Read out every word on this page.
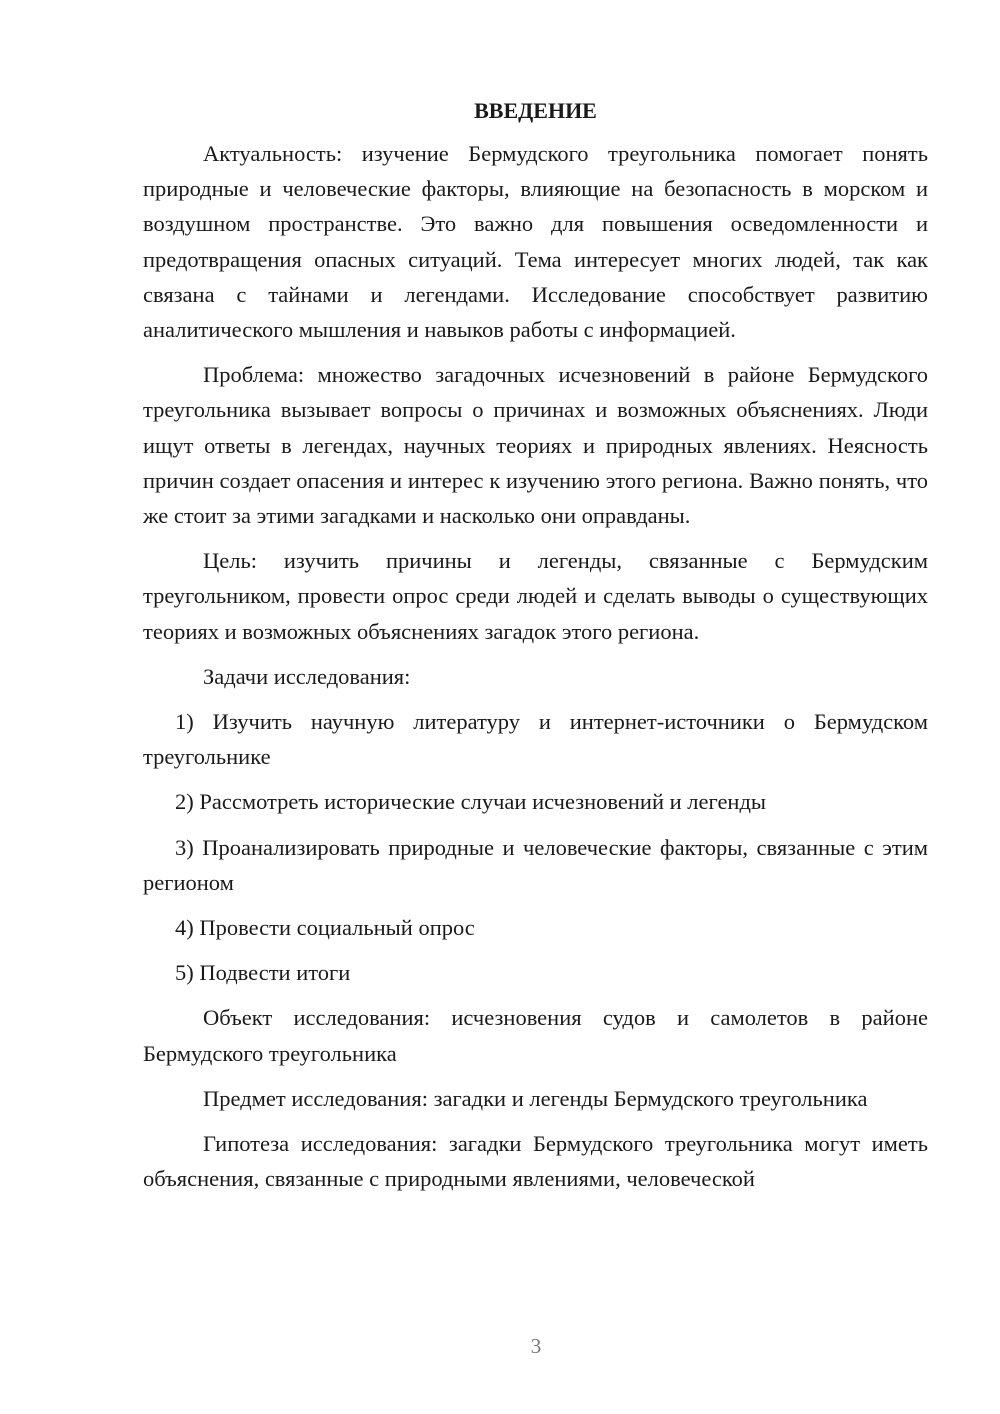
ВВЕДЕНИЕ

Актуальность: изучение Бермудского треугольника помогает понять природные и человеческие факторы, влияющие на безопасность в морском и воздушном пространстве. Это важно для повышения осведомленности и предотвращения опасных ситуаций. Тема интересует многих людей, так как связана с тайнами и легендами. Исследование способствует развитию аналитического мышления и навыков работы с информацией.

Проблема: множество загадочных исчезновений в районе Бермудского треугольника вызывает вопросы о причинах и возможных объяснениях. Люди ищут ответы в легендах, научных теориях и природных явлениях. Неясность причин создает опасения и интерес к изучению этого региона. Важно понять, что же стоит за этими загадками и насколько они оправданы.

Цель: изучить причины и легенды, связанные с Бермудским треугольником, провести опрос среди людей и сделать выводы о существующих теориях и возможных объяснениях загадок этого региона.

Задачи исследования:

1) Изучить научную литературу и интернет-источники о Бермудском треугольнике

2) Рассмотреть исторические случаи исчезновений и легенды

3) Проанализировать природные и человеческие факторы, связанные с этим регионом

4) Провести социальный опрос

5) Подвести итоги

Объект исследования: исчезновения судов и самолетов в районе Бермудского треугольника

Предмет исследования: загадки и легенды Бермудского треугольника

Гипотеза исследования: загадки Бермудского треугольника могут иметь объяснения, связанные с природными явлениями, человеческой

3
